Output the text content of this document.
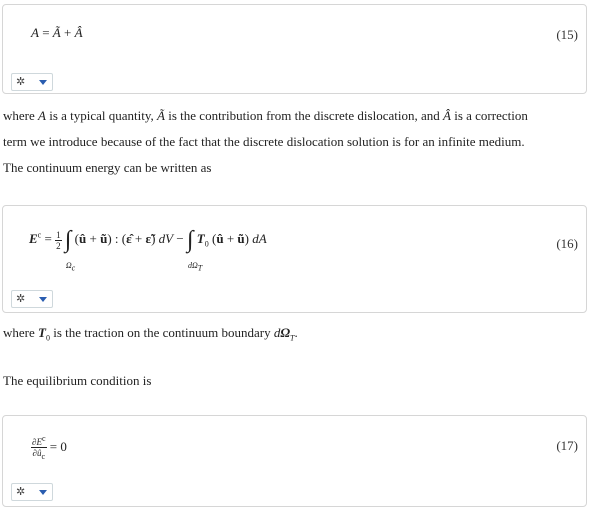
A = Ã + Â	(15)
✲
where A is a typical quantity, Ã is the contribution from the discrete dislocation, and Â is a correction
term we introduce because of the fact that the discrete dislocation solution is for an infinite medium.
The continuum energy can be written as
$E^c = \frac{1}{2}$ ∫
$\Omega_c$
(û + ũ) : (ε̂ + ε̃) dV − ∫
$d\Omega_T$
$T_0$ (û + ũ) dA	(16)
✲
where $T_0$ is the traction on the continuum boundary $d\Omega_T$.
The equilibrium condition is
$\frac{\partial E^c}{\partial û_c} = 0$	(17)
✲
